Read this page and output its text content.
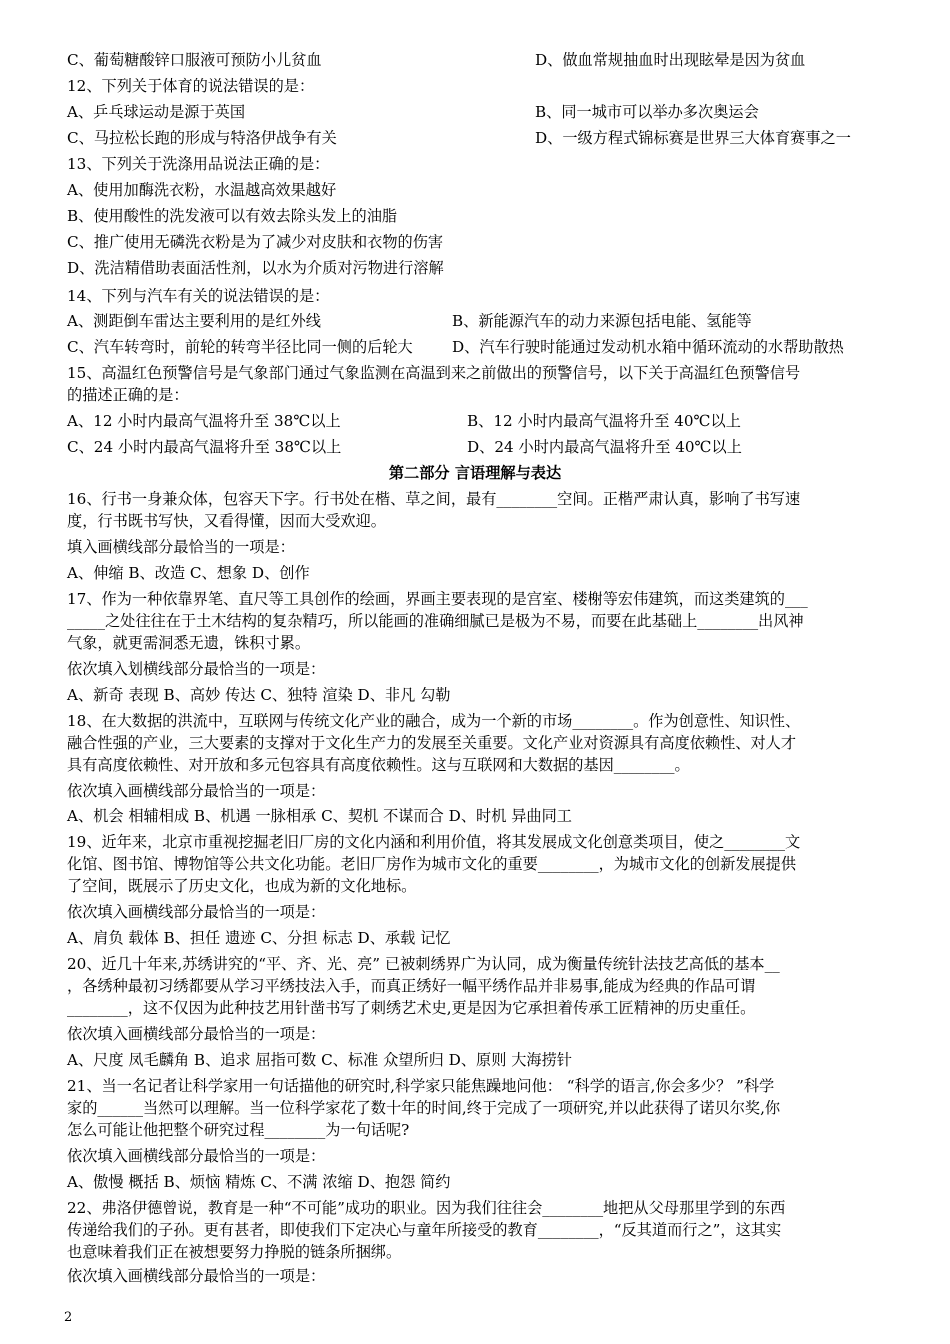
C、葡萄糖酸锌口服液可预防小儿贫血	D、做血常规抽血时出现眩晕是因为贫血
12、下列关于体育的说法错误的是：
A、乒乓球运动是源于英国	B、同一城市可以举办多次奥运会
C、马拉松长跑的形成与特洛伊战争有关	D、一级方程式锦标赛是世界三大体育赛事之一
13、下列关于洗涤用品说法正确的是：
A、使用加酶洗衣粉，水温越高效果越好
B、使用酸性的洗发液可以有效去除头发上的油脂
C、推广使用无磷洗衣粉是为了减少对皮肤和衣物的伤害
D、洗洁精借助表面活性剂，以水为介质对污物进行溶解
14、下列与汽车有关的说法错误的是：
A、测距倒车雷达主要利用的是红外线	B、新能源汽车的动力来源包括电能、氢能等
C、汽车转弯时，前轮的转弯半径比同一侧的后轮大	D、汽车行驶时能通过发动机水箱中循环流动的水帮助散热
15、高温红色预警信号是气象部门通过气象监测在高温到来之前做出的预警信号，以下关于高温红色预警信号
的描述正确的是：
A、12 小时内最高气温将升至 38℃以上	B、12 小时内最高气温将升至 40℃以上
C、24 小时内最高气温将升至 38℃以上	D、24 小时内最高气温将升至 40℃以上
第二部分 言语理解与表达
16、行书一身兼众体，包容天下字。行书处在楷、草之间，最有________空间。正楷严肃认真，影响了书写速
度，行书既书写快，又看得懂，因而大受欢迎。
填入画横线部分最恰当的一项是：
A、伸缩 B、改造 C、想象 D、创作
17、作为一种依靠界笔、直尺等工具创作的绘画，界画主要表现的是宫室、楼榭等宏伟建筑，而这类建筑的___
_____之处往往在于土木结构的复杂精巧，所以能画的准确细腻已是极为不易，而要在此基础上________出风神
气象，就更需洞悉无遗，铢积寸累。
依次填入划横线部分最恰当的一项是：
A、新奇 表现 B、高妙 传达 C、独特 渲染 D、非凡 勾勒
18、在大数据的洪流中，互联网与传统文化产业的融合，成为一个新的市场________。作为创意性、知识性、
融合性强的产业，三大要素的支撑对于文化生产力的发展至关重要。文化产业对资源具有高度依赖性、对人才
具有高度依赖性、对开放和多元包容具有高度依赖性。这与互联网和大数据的基因________。
依次填入画横线部分最恰当的一项是：
A、机会 相辅相成 B、机遇 一脉相承 C、契机 不谋而合 D、时机 异曲同工
19、近年来，北京市重视挖掘老旧厂房的文化内涵和利用价值，将其发展成文化创意类项目，使之________文
化馆、图书馆、博物馆等公共文化功能。老旧厂房作为城市文化的重要________，为城市文化的创新发展提供
了空间，既展示了历史文化，也成为新的文化地标。
依次填入画横线部分最恰当的一项是：
A、肩负 载体 B、担任 遗迹 C、分担 标志 D、承载 记忆
20、近几十年来,苏绣讲究的“平、齐、光、亮” 已被刺绣界广为认同，成为衡量传统针法技艺高低的基本__
，各绣种最初习绣都要从学习平绣技法入手，而真正绣好一幅平绣作品并非易事,能成为经典的作品可谓
________，这不仅因为此种技艺用针凿书写了刺绣艺术史,更是因为它承担着传承工匠精神的历史重任。
依次填入画横线部分最恰当的一项是：
A、尺度 凤毛麟角 B、追求 屈指可数 C、标准 众望所归 D、原则 大海捞针
21、当一名记者让科学家用一句话描他的研究时,科学家只能焦躁地问他： “科学的语言,你会多少？ ”科学
家的______当然可以理解。当一位科学家花了数十年的时间,终于完成了一项研究,并以此获得了诺贝尔奖,你
怎么可能让他把整个研究过程________为一句话呢?
依次填入画横线部分最恰当的一项是：
A、傲慢 概括 B、烦恼 精炼 C、不满 浓缩 D、抱怨 简约
22、弗洛伊德曾说，教育是一种“不可能”成功的职业。因为我们往往会________地把从父母那里学到的东西
传递给我们的子孙。更有甚者，即使我们下定决心与童年所接受的教育________，“反其道而行之”，这其实
也意味着我们正在被想要努力挣脱的链条所捆绑。
依次填入画横线部分最恰当的一项是：
2
